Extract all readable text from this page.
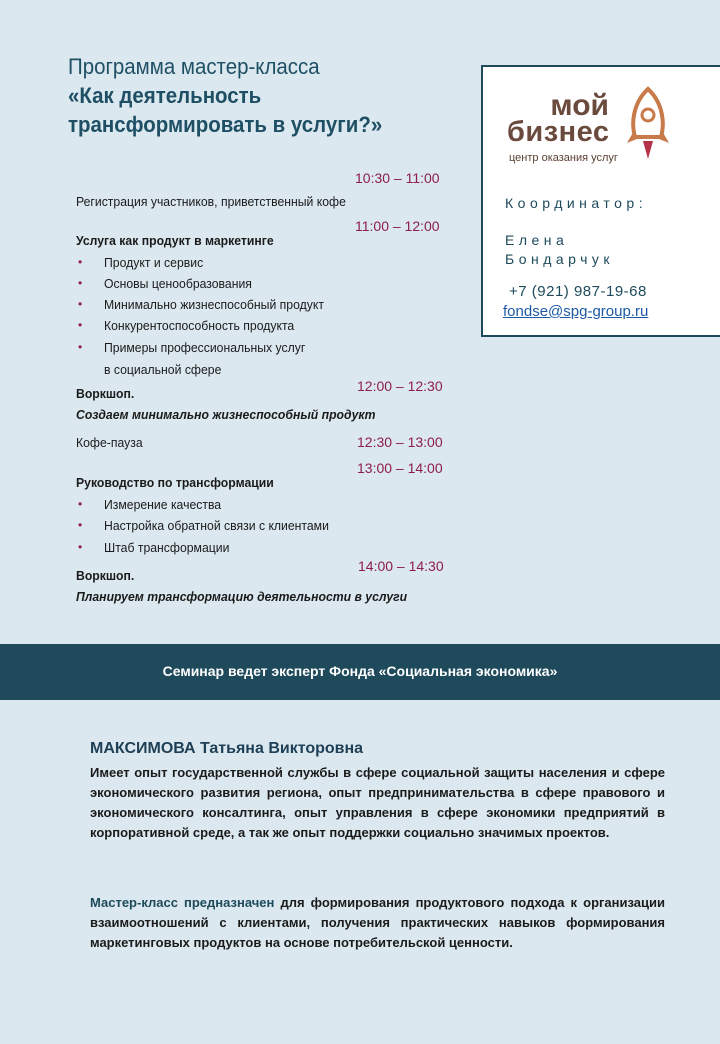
Программа мастер-класса
«Как деятельность
трансформировать в услуги?»
мой
бизнес
центр оказания услуг
Координатор:
Елена
Бондарчук
+7 (921) 987-19-68
fondse@spg-group.ru
10:30 – 11:00
Регистрация участников, приветственный кофе
11:00 – 12:00
Услуга как продукт в маркетинге
• Продукт и сервис
• Основы ценообразования
• Минимально жизнеспособный продукт
• Конкурентоспособность продукта
• Примеры профессиональных услуг
в социальной сфере
Воркшоп.	12:00 – 12:30
Создаем минимально жизнеспособный продукт
Кофе-пауза	12:30 – 13:00
13:00 – 14:00
Руководство по трансформации
• Измерение качества
• Настройка обратной связи с клиентами
• Штаб трансформации
Воркшоп.
14:00 – 14:30
Планируем трансформацию деятельности в услуги
Семинар ведет эксперт Фонда «Социальная экономика»
МАКСИМОВА Татьяна Викторовна
Имеет опыт государственной службы в сфере социальной защиты населения и сфере экономического развития региона, опыт предпринимательства в сфере правового и экономического консалтинга, опыт управления в сфере экономики предприятий в корпоративной среде, а так же опыт поддержки социально значимых проектов.
Мастер-класс предназначен для формирования продуктового подхода к организации взаимоотношений с клиентами, получения практических навыков формирования маркетинговых продуктов на основе потребительской ценности.
